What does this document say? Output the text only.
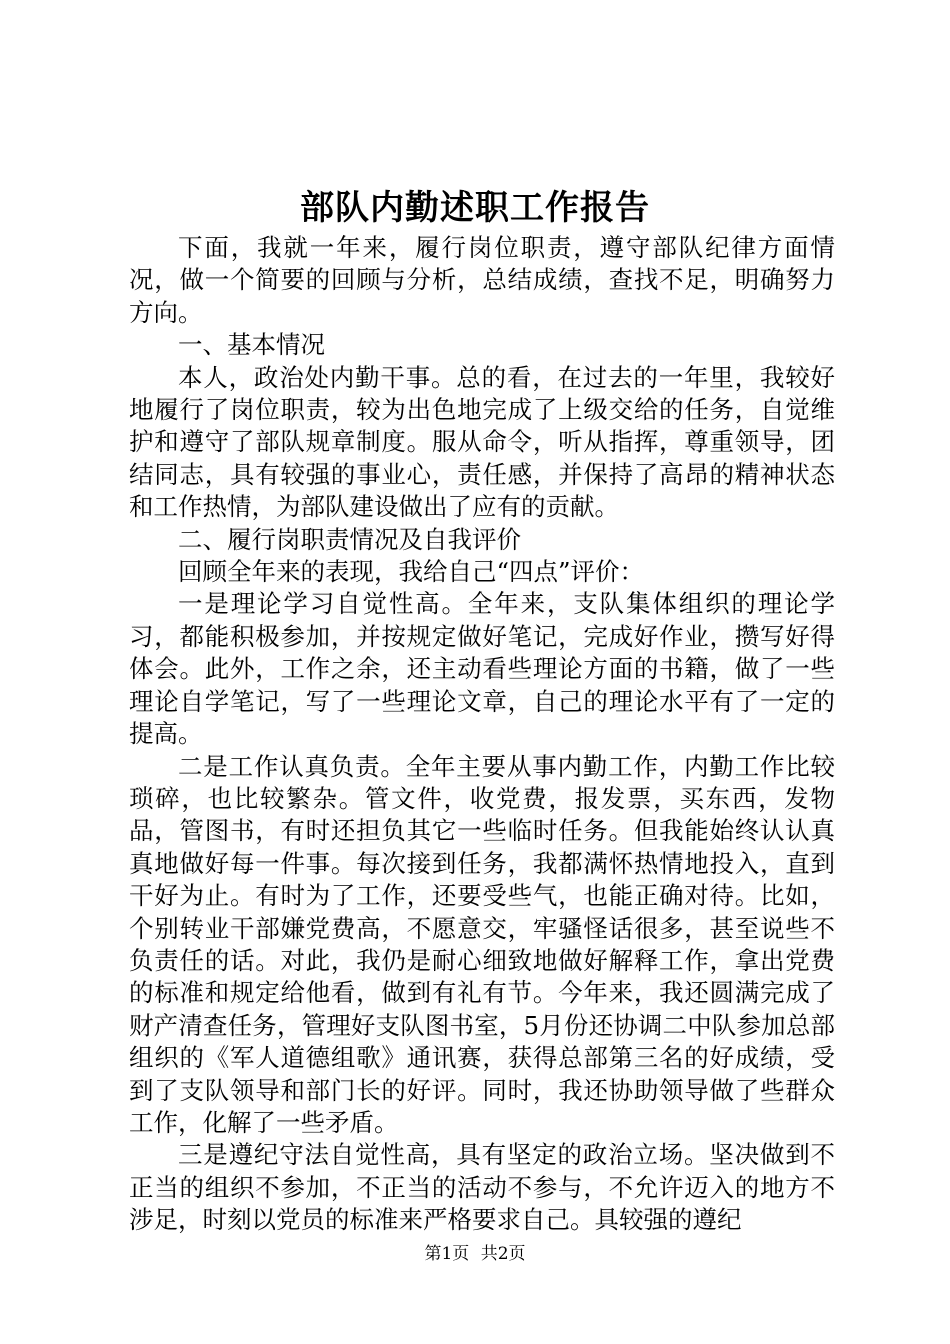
部队内勤述职工作报告

下面，我就一年来，履行岗位职责，遵守部队纪律方面情况，做一个简要的回顾与分析，总结成绩，查找不足，明确努力方向。

一、基本情况

本人，政治处内勤干事。总的看，在过去的一年里，我较好地履行了岗位职责，较为出色地完成了上级交给的任务，自觉维护和遵守了部队规章制度。服从命令，听从指挥，尊重领导，团结同志，具有较强的事业心，责任感，并保持了高昂的精神状态和工作热情，为部队建设做出了应有的贡献。

二、履行岗职责情况及自我评价

回顾全年来的表现，我给自己“四点”评价：

一是理论学习自觉性高。全年来，支队集体组织的理论学习，都能积极参加，并按规定做好笔记，完成好作业，攒写好得体会。此外，工作之余，还主动看些理论方面的书籍，做了一些理论自学笔记，写了一些理论文章，自己的理论水平有了一定的提高。

二是工作认真负责。全年主要从事内勤工作，内勤工作比较琐碎，也比较繁杂。管文件，收党费，报发票，买东西，发物品，管图书，有时还担负其它一些临时任务。但我能始终认认真真地做好每一件事。每次接到任务，我都满怀热情地投入，直到干好为止。有时为了工作，还要受些气，也能正确对待。比如，个别转业干部嫌党费高，不愿意交，牢骚怪话很多，甚至说些不负责任的话。对此，我仍是耐心细致地做好解释工作，拿出党费的标准和规定给他看，做到有礼有节。今年来，我还圆满完成了财产清查任务，管理好支队图书室，5月份还协调二中队参加总部组织的《军人道德组歌》通讯赛，获得总部第三名的好成绩，受到了支队领导和部门长的好评。同时，我还协助领导做了些群众工作，化解了一些矛盾。

三是遵纪守法自觉性高，具有坚定的政治立场。坚决做到不正当的组织不参加，不正当的活动不参与，不允许迈入的地方不涉足，时刻以党员的标准来严格要求自己。具较强的遵纪

第1页 共2页
